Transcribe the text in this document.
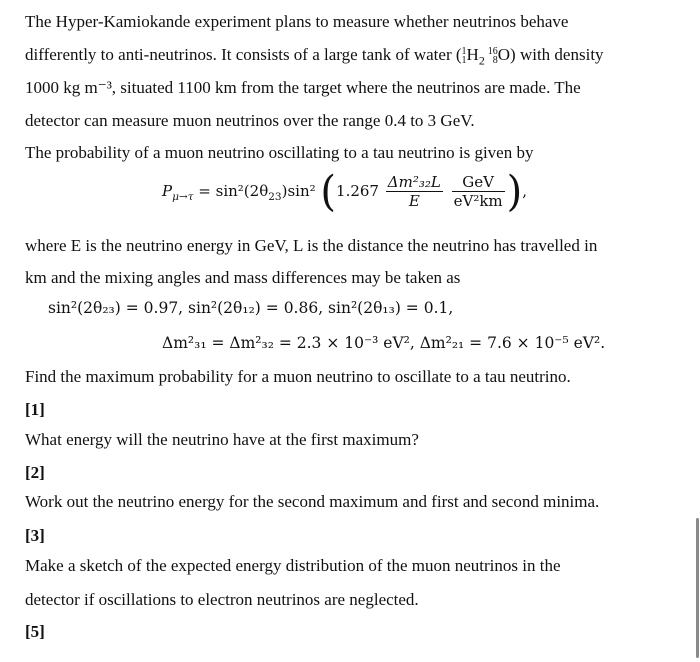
The Hyper-Kamiokande experiment plans to measure whether neutrinos behave
differently to anti-neutrinos. It consists of a large tank of water ( 1
1 $H_2$
16
8 O) with density
1000 kg m⁻³, situated 1100 km from the target where the neutrinos are made. The
detector can measure muon neutrinos over the range 0.4 to 3 GeV.
The probability of a muon neutrino oscillating to a tau neutrino is given by
$P_{\mu\to\tau} = \sin^2(2\theta_{23})\sin^2$ ($1.267 \frac{\text{Δm²₃₂L}}{E}$
$\frac{\text{GeV}}{\text{eV²km}}$ ),
where E is the neutrino energy in GeV, L is the distance the neutrino has travelled in
km and the mixing angles and mass differences may be taken as
sin²(2θ₂₃) = 0.97, sin²(2θ₁₂) = 0.86, sin²(2θ₁₃) = 0.1,
Δm²₃₁ = Δm²₃₂ = 2.3 × 10⁻³ eV², Δm²₂₁ = 7.6 × 10⁻⁵ eV².
Find the maximum probability for a muon neutrino to oscillate to a tau neutrino.
[1]
What energy will the neutrino have at the first maximum?
[2]
Work out the neutrino energy for the second maximum and first and second minima.
[3]
Make a sketch of the expected energy distribution of the muon neutrinos in the
detector if oscillations to electron neutrinos are neglected.
[5]
